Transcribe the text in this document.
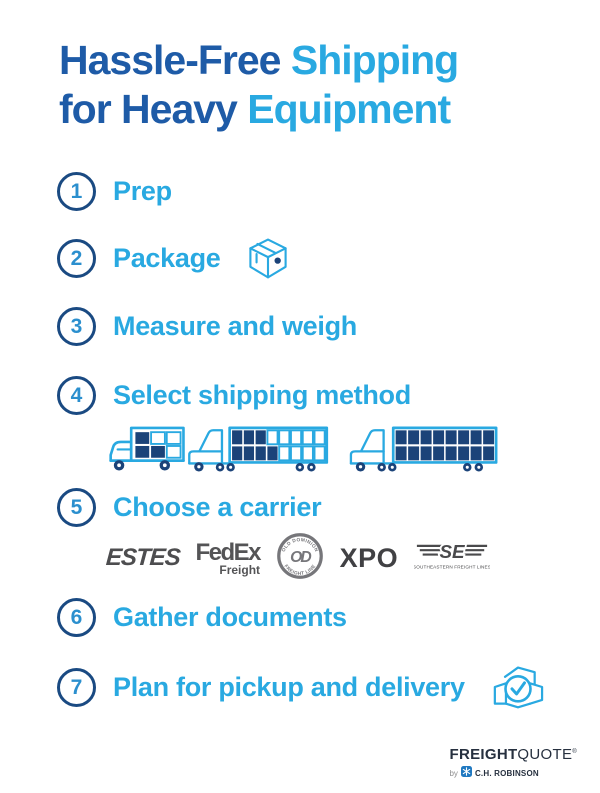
Hassle-Free Shipping
for Heavy Equipment
1 Prep
2 Package
3 Measure and weigh
4 Select shipping method
5 Choose a carrier
ESTES FedEx
Freight
OLD DOMINION
FREIGHT LINE
OD XPO SE
SOUTHEASTERN FREIGHT LINES
6 Gather documents
7 Plan for pickup and delivery
FREIGHTQUOTE®
by C.H. ROBINSON
